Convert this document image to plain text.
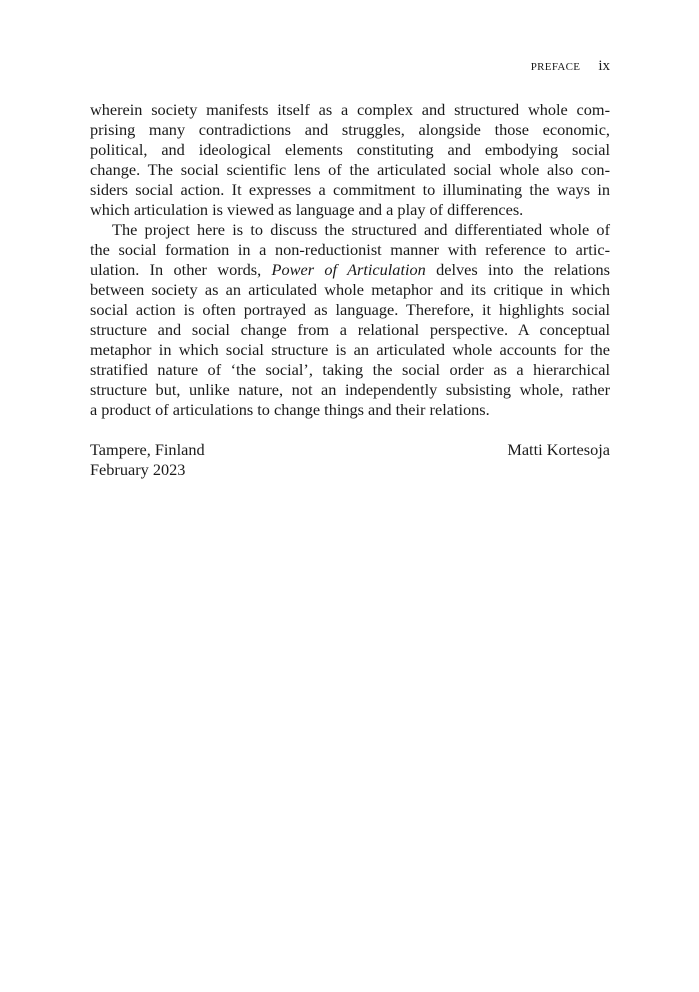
PREFACE ix
wherein society manifests itself as a complex and structured whole com-
prising many contradictions and struggles, alongside those economic,
political, and ideological elements constituting and embodying social
change. The social scientific lens of the articulated social whole also con-
siders social action. It expresses a commitment to illuminating the ways in
which articulation is viewed as language and a play of differences.
The project here is to discuss the structured and differentiated whole of
the social formation in a non-reductionist manner with reference to artic-
ulation. In other words, Power of Articulation delves into the relations
between society as an articulated whole metaphor and its critique in which
social action is often portrayed as language. Therefore, it highlights social
structure and social change from a relational perspective. A conceptual
metaphor in which social structure is an articulated whole accounts for the
stratified nature of ‘the social’, taking the social order as a hierarchical
structure but, unlike nature, not an independently subsisting whole, rather
a product of articulations to change things and their relations.
Tampere, Finland	Matti Kortesoja
February 2023
